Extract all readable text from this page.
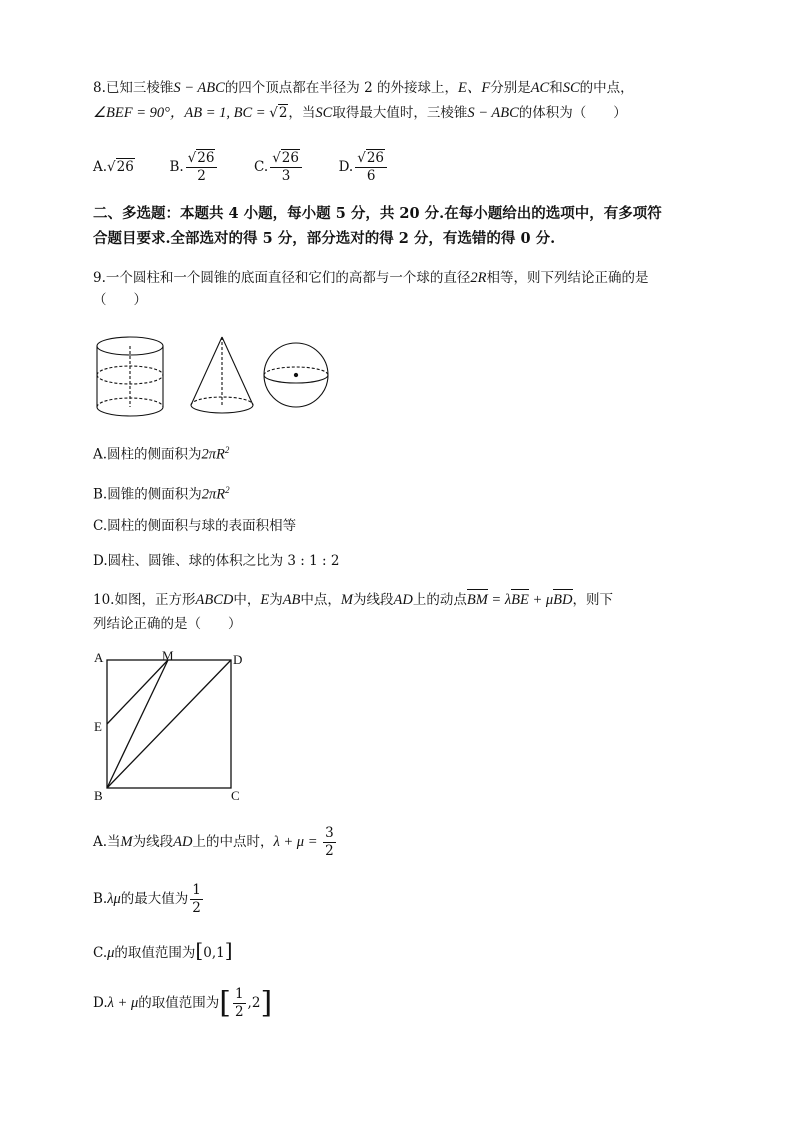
8.已知三棱锥S − ABC的四个顶点都在半径为 2 的外接球上，E、F分别是AC和SC的中点，
∠BEF = 90°，AB = 1, BC = √2，当SC取得最大值时，三棱锥S − ABC的体积为（　　）
A.√26	B. $\frac{√26}{2}$	C. $\frac{√26}{3}$	D. $\frac{√26}{6}$
二、多选题：本题共 4 小题，每小题 5 分，共 20 分.在每小题给出的选项中，有多项符
合题目要求.全部选对的得 5 分，部分选对的得 2 分，有选错的得 0 分.
9.一个圆柱和一个圆锥的底面直径和它们的高都与一个球的直径2R相等，则下列结论正确的是
（　　）
A.圆柱的侧面积为$2\pi R^2$
B.圆锥的侧面积为$2\pi R^2$
C.圆柱的侧面积与球的表面积相等
D.圆柱、圆锥、球的体积之比为 3 : 1 : 2
10.如图，正方形ABCD中，E为AB中点，M为线段AD上的动点BM = λBE + μBD，则下
列结论正确的是（　　）
A	M	D
E
B	C
A.当M为线段AD上的中点时，$\lambda + \mu = \frac{3}{2}$
B.λμ的最大值为 $\frac{1}{2}$
C.μ的取值范围为[0,1]
D.λ + μ的取值范围为[ $\frac{1}{2} ,2$]
